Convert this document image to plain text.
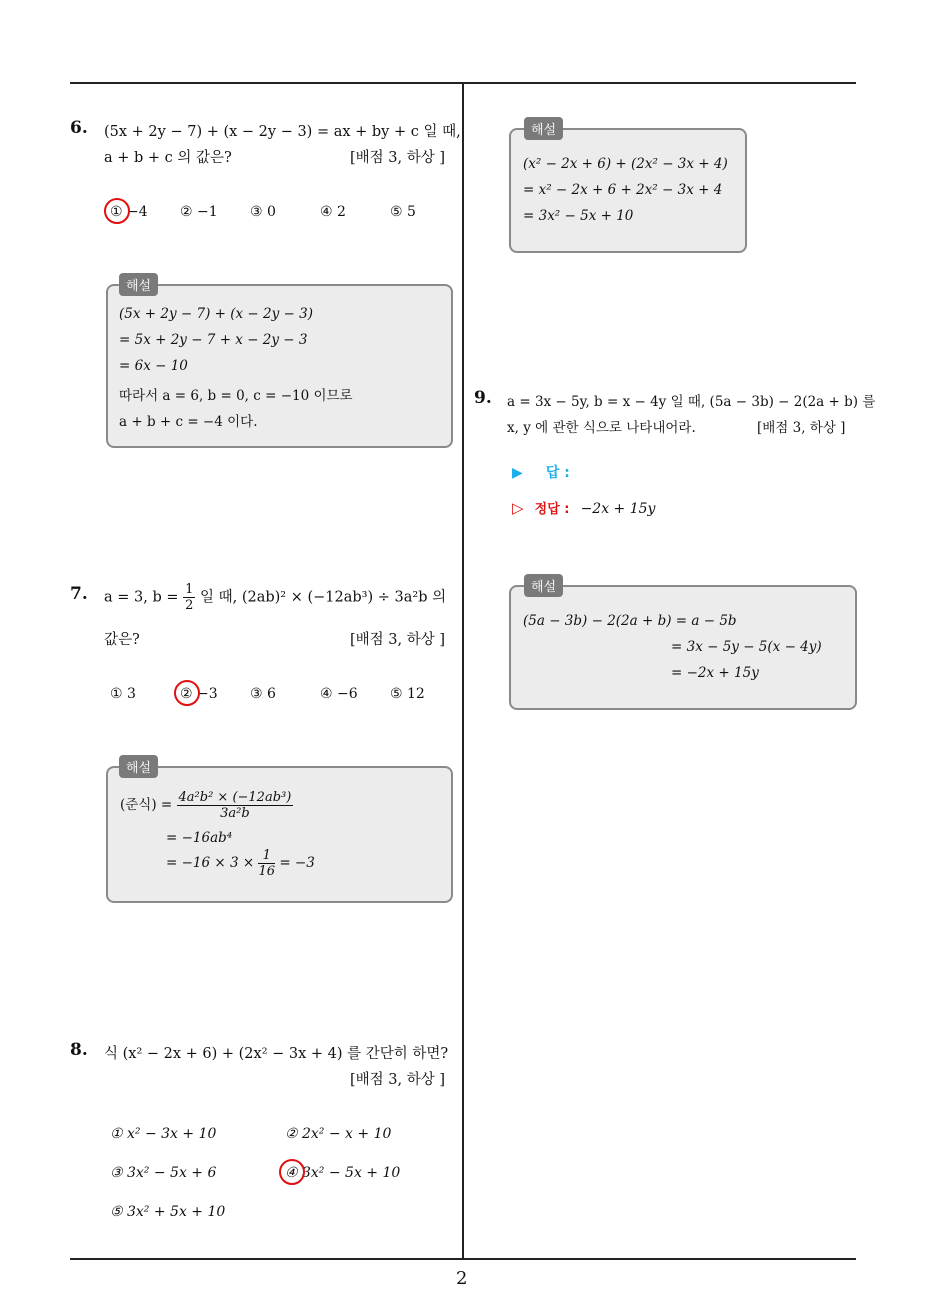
2
6. (5x + 2y − 7) + (x − 2y − 3) = ax + by + c 일 때,
a + b + c 의 값은?	[배점 3, 하상 ]
① −4 ② −1 ③ 0	④ 2	⑤ 5
해설
(5x + 2y − 7) + (x − 2y − 3)
= 5x + 2y − 7 + x − 2y − 3
= 6x − 10
따라서 a = 6, b = 0, c = −10 이므로
a + b + c = −4 이다.
7. a = 3, $b = \frac{1}{2}$ 일 때, (2ab)² × (−12ab³) ÷ 3a²b 의
값은?	[배점 3, 하상 ]
① 3	② −3 ③ 6	④ −6 ⑤ 12
해설
(준식) = $\frac{\text{4a²b² × (−12ab³)}}{\text{3a²b}}$
= −16ab⁴
= $-16 \times 3 \times \frac{1}{16} = -3$
8. 식 (x² − 2x + 6) + (2x² − 3x + 4) 를 간단히 하면?
[배점 3, 하상 ]
① x² − 3x + 10	② 2x² − x + 10
③ 3x² − 5x + 6	④ 3x² − 5x + 10
⑤ 3x² + 5x + 10
해설
(x² − 2x + 6) + (2x² − 3x + 4)
= x² − 2x + 6 + 2x² − 3x + 4
= 3x² − 5x + 10
9. a = 3x − 5y, b = x − 4y 일 때, (5a − 3b) − 2(2a + b) 를
x, y 에 관한 식으로 나타내어라.	[배점 3, 하상 ]
▶ 답 :
▷ 정답 : −2x + 15y
해설
(5a − 3b) − 2(2a + b) = a − 5b
= 3x − 5y − 5(x − 4y)
= −2x + 15y
